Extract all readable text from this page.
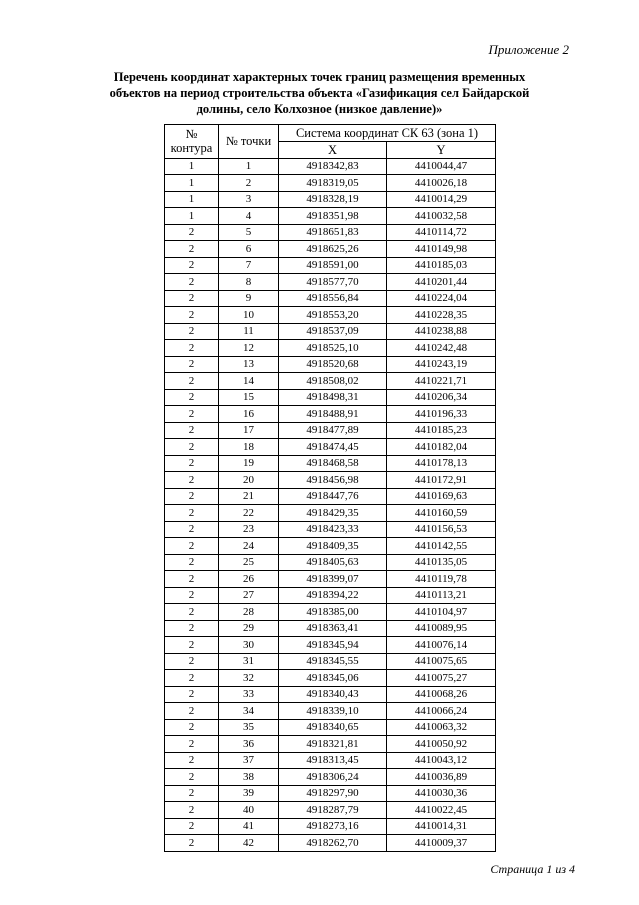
Приложение 2
Перечень координат характерных точек границ размещения временных
объектов на период строительства объекта «Газификация сел Байдарской
долины, село Колхозное (низкое давление)»
№ контура	№ точки	Система координат СК 63 (зона 1)	
		X	Y
1	1	4918342,83	4410044,47
1	2	4918319,05	4410026,18
1	3	4918328,19	4410014,29
1	4	4918351,98	4410032,58
2	5	4918651,83	4410114,72
2	6	4918625,26	4410149,98
2	7	4918591,00	4410185,03
2	8	4918577,70	4410201,44
2	9	4918556,84	4410224,04
2	10	4918553,20	4410228,35
2	11	4918537,09	4410238,88
2	12	4918525,10	4410242,48
2	13	4918520,68	4410243,19
2	14	4918508,02	4410221,71
2	15	4918498,31	4410206,34
2	16	4918488,91	4410196,33
2	17	4918477,89	4410185,23
2	18	4918474,45	4410182,04
2	19	4918468,58	4410178,13
2	20	4918456,98	4410172,91
2	21	4918447,76	4410169,63
2	22	4918429,35	4410160,59
2	23	4918423,33	4410156,53
2	24	4918409,35	4410142,55
2	25	4918405,63	4410135,05
2	26	4918399,07	4410119,78
2	27	4918394,22	4410113,21
2	28	4918385,00	4410104,97
2	29	4918363,41	4410089,95
2	30	4918345,94	4410076,14
2	31	4918345,55	4410075,65
2	32	4918345,06	4410075,27
2	33	4918340,43	4410068,26
2	34	4918339,10	4410066,24
2	35	4918340,65	4410063,32
2	36	4918321,81	4410050,92
2	37	4918313,45	4410043,12
2	38	4918306,24	4410036,89
2	39	4918297,90	4410030,36
2	40	4918287,79	4410022,45
2	41	4918273,16	4410014,31
2	42	4918262,70	4410009,37
Страница 1 из 4
